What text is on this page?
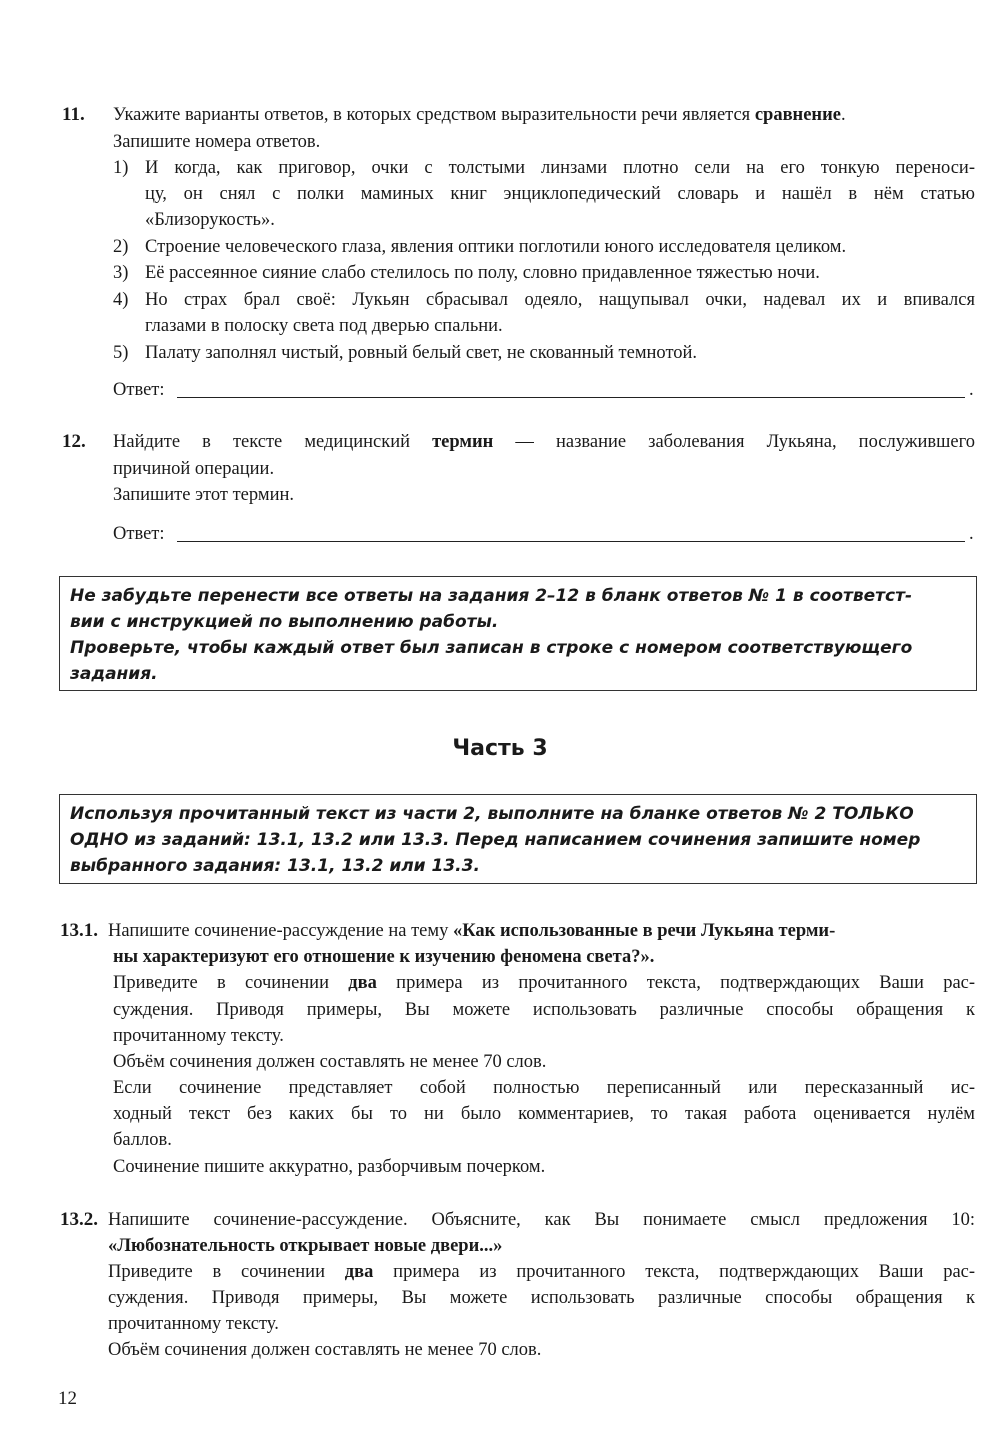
11. Укажите варианты ответов, в которых средством выразительности речи является сравнение.
Запишите номера ответов.
1) И когда, как приговор, очки с толстыми линзами плотно сели на его тонкую переноси-
цу, он снял с полки маминых книг энциклопедический словарь и нашёл в нём статью
«Близорукость».
2) Строение человеческого глаза, явления оптики поглотили юного исследователя целиком.
3) Её рассеянное сияние слабо стелилось по полу, словно придавленное тяжестью ночи.
4) Но страх брал своё: Лукьян сбрасывал одеяло, нащупывал очки, надевал их и впивался
глазами в полоску света под дверью спальни.
5) Палату заполнял чистый, ровный белый свет, не скованный темнотой.
Ответ:	.
12. Найдите в тексте медицинский термин — название заболевания Лукьяна, послужившего
причиной операции.
Запишите этот термин.
Ответ:	.
Не забудьте перенести все ответы на задания 2–12 в бланк ответов № 1 в соответст-
вии с инструкцией по выполнению работы.
Проверьте, чтобы каждый ответ был записан в строке с номером соответствующего
задания.
Часть 3
Используя прочитанный текст из части 2, выполните на бланке ответов № 2 ТОЛЬКО
ОДНО из заданий: 13.1, 13.2 или 13.3. Перед написанием сочинения запишите номер
выбранного задания: 13.1, 13.2 или 13.3.
13.1. Напишите сочинение-рассуждение на тему «Как использованные в речи Лукьяна терми-
ны характеризуют его отношение к изучению феномена света?».
Приведите в сочинении два примера из прочитанного текста, подтверждающих Ваши рас-
суждения. Приводя примеры, Вы можете использовать различные способы обращения к
прочитанному тексту.
Объём сочинения должен составлять не менее 70 слов.
Если сочинение представляет собой полностью переписанный или пересказанный ис-
ходный текст без каких бы то ни было комментариев, то такая работа оценивается нулём
баллов.
Сочинение пишите аккуратно, разборчивым почерком.
13.2. Напишите сочинение-рассуждение. Объясните, как Вы понимаете смысл предложения 10:
«Любознательность открывает новые двери...»
Приведите в сочинении два примера из прочитанного текста, подтверждающих Ваши рас-
суждения. Приводя примеры, Вы можете использовать различные способы обращения к
прочитанному тексту.
Объём сочинения должен составлять не менее 70 слов.
12
